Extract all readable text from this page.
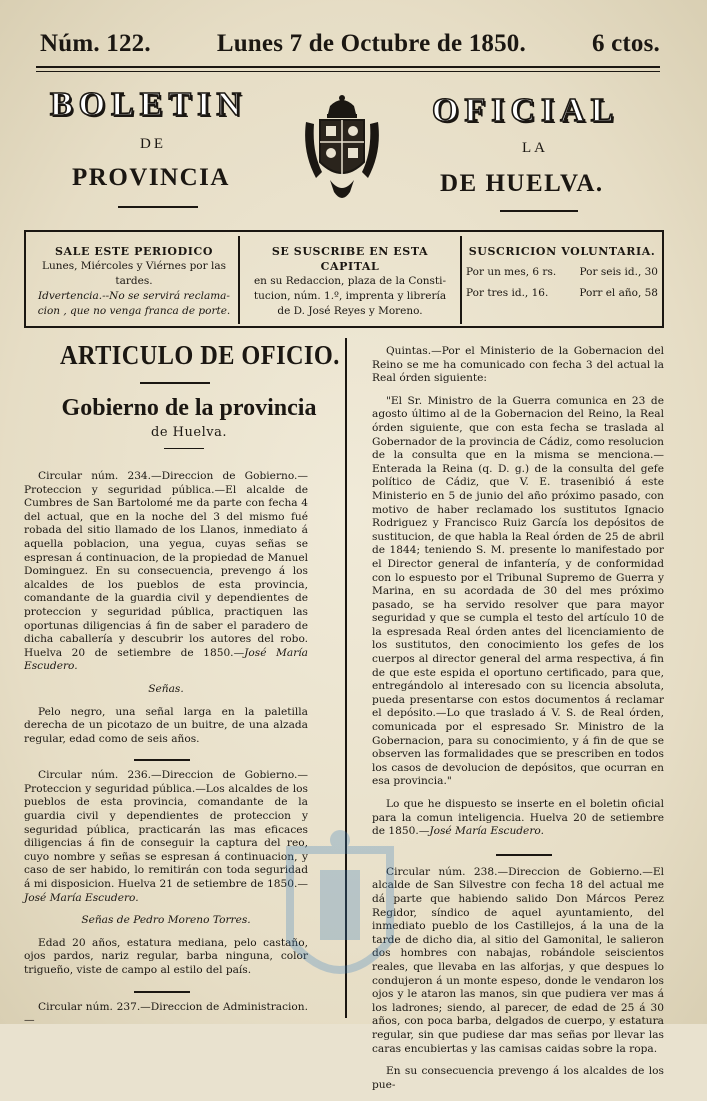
Núm. 122.	Lunes 7 de Octubre de 1850.	6 ctos.
BOLETIN	OFICIAL
DE	LA
PROVINCIA	DE HUELVA.
SALE ESTE PERIODICO
Lunes, Miércoles y Viérnes por las
tardes.
Idvertencia.--No se servirá reclama-
cion , que no venga franca de porte.
SE SUSCRIBE EN ESTA CAPITAL
en su Redaccion, plaza de la Consti-
tucion, núm. 1.º, imprenta y librería
de D. José Reyes y Moreno.
SUSCRICION VOLUNTARIA.
Por un mes, 6 rs. Por seis id., 30
Por tres id., 16.	Porr el año, 58
ARTICULO DE OFICIO.
Gobierno de la provincia
de Huelva.

Circular núm. 234.—Direccion de Gobierno.—Proteccion y seguridad pública.—El alcalde de Cumbres de San Bartolomé me da parte con fecha 4 del actual, que en la noche del 3 del mismo fué robada del sitio llamado de los Llanos, inmediato á aquella poblacion, una yegua, cuyas señas se espresan á continuacion, de la propiedad de Manuel Dominguez. En su consecuencia, prevengo á los alcaldes de los pueblos de esta provincia, comandante de la guardia civil y dependientes de proteccion y seguridad pública, practiquen las oportunas diligencias á fin de saber el paradero de dicha caballería y descubrir los autores del robo. Huelva 20 de setiembre de 1850.—José María Escudero.

Señas.

Pelo negro, una señal larga en la paletilla derecha de un picotazo de un buitre, de una alzada regular, edad como de seis años.

Circular núm. 236.—Direccion de Gobierno.—Proteccion y seguridad pública.—Los alcaldes de los pueblos de esta provincia, comandante de la guardia civil y dependientes de proteccion y seguridad pública, practicarán las mas eficaces diligencias á fin de conseguir la captura del reo, cuyo nombre y señas se espresan á continuacion, y caso de ser habido, lo remitirán con toda seguridad á mi disposicion. Huelva 21 de setiembre de 1850.—José María Escudero.

Señas de Pedro Moreno Torres.

Edad 20 años, estatura mediana, pelo castaño, ojos pardos, nariz regular, barba ninguna, color trigueño, viste de campo al estilo del país.

Circular núm. 237.—Direccion de Administracion.—

Quintas.—Por el Ministerio de la Gobernacion del Reino se me ha comunicado con fecha 3 del actual la Real órden siguiente:

"El Sr. Ministro de la Guerra comunica en 23 de agosto último al de la Gobernacion del Reino, la Real órden siguiente, que con esta fecha se traslada al Gobernador de la provincia de Cádiz, como resolucion de la consulta que en la misma se menciona.—Enterada la Reina (q. D. g.) de la consulta del gefe político de Cádiz, que V. E. trasenibió á este Ministerio en 5 de junio del año próximo pasado, con motivo de haber reclamado los sustitutos Ignacio Rodriguez y Francisco Ruiz García los depósitos de sustitucion, de que habla la Real órden de 25 de abril de 1844; teniendo S. M. presente lo manifestado por el Director general de infantería, y de conformidad con lo espuesto por el Tribunal Supremo de Guerra y Marina, en su acordada de 30 del mes próximo pasado, se ha servido resolver que para mayor seguridad y que se cumpla el testo del artículo 10 de la espresada Real órden antes del licenciamiento de los sustitutos, den conocimiento los gefes de los cuerpos al director general del arma respectiva, á fin de que este espida el oportuno certificado, para que, entregándolo al interesado con su licencia absoluta, pueda presentarse con estos documentos á reclamar el depósito.—Lo que traslado á V. S. de Real órden, comunicada por el espresado Sr. Ministro de la Gobernacion, para su conocimiento, y á fin de que se observen las formalidades que se prescriben en todos los casos de devolucion de depósitos, que ocurran en esa provincia."

Lo que he dispuesto se inserte en el boletin oficial para la comun inteligencia. Huelva 20 de setiembre de 1850.—José María Escudero.

Circular núm. 238.—Direccion de Gobierno.—El alcalde de San Silvestre con fecha 18 del actual me dá parte que habiendo salido Don Márcos Perez Regidor, síndico de aquel ayuntamiento, del inmediato pueblo de los Castillejos, á la una de la tarde de dicho dia, al sitio del Gamonital, le salieron dos hombres con nabajas, robándole seiscientos reales, que llevaba en las alforjas, y que despues lo condujeron á un monte espeso, donde le vendaron los ojos y le ataron las manos, sin que pudiera ver mas á los ladrones; siendo, al parecer, de edad de 25 á 30 años, con poca barba, delgados de cuerpo, y estatura regular, sin que pudiese dar mas señas por llevar las caras encubiertas y las camisas caidas sobre la ropa.

En su consecuencia prevengo á los alcaldes de los pue-
